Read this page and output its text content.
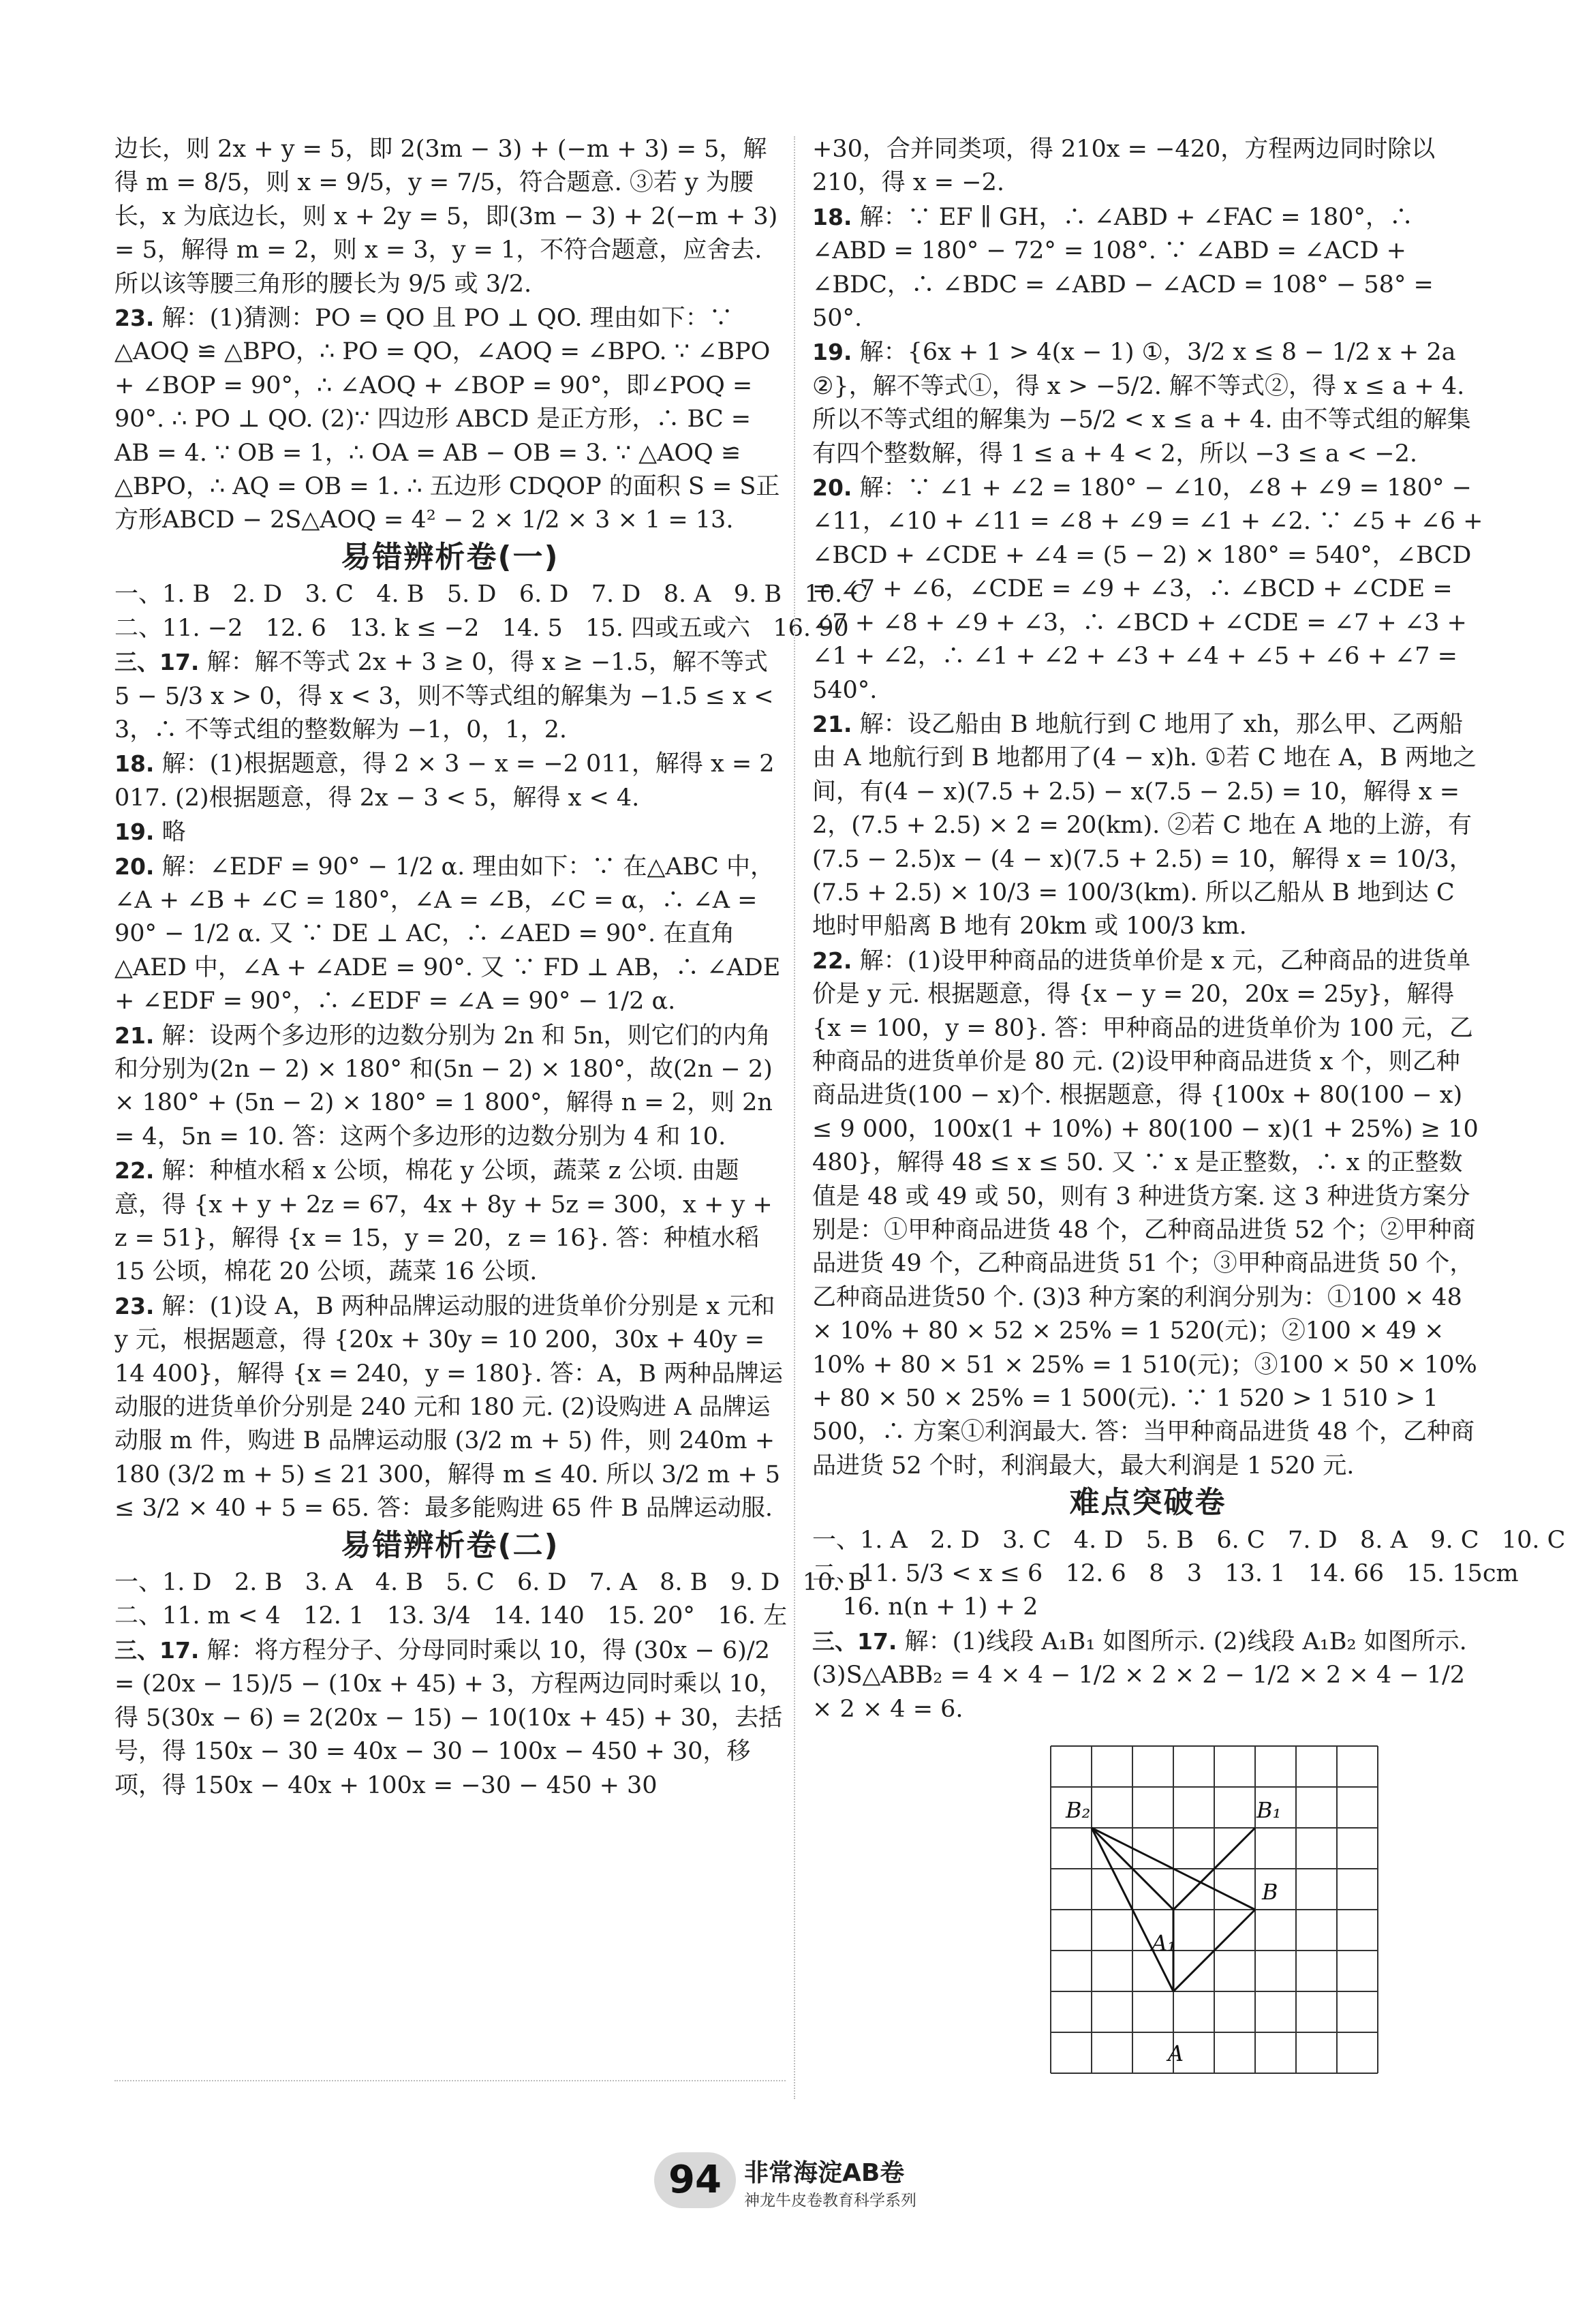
边长，则 2x + y = 5，即 2(3m − 3) + (−m + 3) = 5，解得 m = 8/5，则 x = 9/5，y = 7/5，符合题意. ③若 y 为腰长，x 为底边长，则 x + 2y = 5，即(3m − 3) + 2(−m + 3) = 5，解得 m = 2，则 x = 3，y = 1，不符合题意，应舍去. 所以该等腰三角形的腰长为 9/5 或 3/2.

23. 解：(1)猜测：PO = QO 且 PO ⊥ QO. 理由如下：∵ △AOQ ≌ △BPO，∴ PO = QO，∠AOQ = ∠BPO. ∵ ∠BPO + ∠BOP = 90°，∴ ∠AOQ + ∠BOP = 90°，即∠POQ = 90°. ∴ PO ⊥ QO. (2)∵ 四边形 ABCD 是正方形，∴ BC = AB = 4. ∵ OB = 1，∴ OA = AB − OB = 3. ∵ △AOQ ≌ △BPO，∴ AQ = OB = 1. ∴ 五边形 CDQOP 的面积 S = S正方形ABCD − 2S△AOQ = 4² − 2 × 1/2 × 3 × 1 = 13.

易错辨析卷(一)

一、1. B   2. D   3. C   4. B   5. D   6. D   7. D   8. A   9. B   10. C

二、11. −2   12. 6   13. k ≤ −2   14. 5   15. 四或五或六   16. 90

三、17. 解：解不等式 2x + 3 ≥ 0，得 x ≥ −1.5，解不等式 5 − 5/3 x > 0，得 x < 3，则不等式组的解集为 −1.5 ≤ x < 3，∴ 不等式组的整数解为 −1，0，1，2.

18. 解：(1)根据题意，得 2 × 3 − x = −2 011，解得 x = 2 017. (2)根据题意，得 2x − 3 < 5，解得 x < 4.

19. 略

20. 解：∠EDF = 90° − 1/2 α. 理由如下：∵ 在△ABC 中，∠A + ∠B + ∠C = 180°，∠A = ∠B，∠C = α，∴ ∠A = 90° − 1/2 α. 又 ∵ DE ⊥ AC，∴ ∠AED = 90°. 在直角△AED 中，∠A + ∠ADE = 90°. 又 ∵ FD ⊥ AB，∴ ∠ADE + ∠EDF = 90°，∴ ∠EDF = ∠A = 90° − 1/2 α.

21. 解：设两个多边形的边数分别为 2n 和 5n，则它们的内角和分别为(2n − 2) × 180° 和(5n − 2) × 180°，故(2n − 2) × 180° + (5n − 2) × 180° = 1 800°，解得 n = 2，则 2n = 4，5n = 10. 答：这两个多边形的边数分别为 4 和 10.

22. 解：种植水稻 x 公顷，棉花 y 公顷，蔬菜 z 公顷. 由题意，得 {x + y + 2z = 67，4x + 8y + 5z = 300，x + y + z = 51}，解得 {x = 15，y = 20，z = 16}. 答：种植水稻 15 公顷，棉花 20 公顷，蔬菜 16 公顷.

23. 解：(1)设 A，B 两种品牌运动服的进货单价分别是 x 元和 y 元，根据题意，得 {20x + 30y = 10 200，30x + 40y = 14 400}，解得 {x = 240，y = 180}. 答：A，B 两种品牌运动服的进货单价分别是 240 元和 180 元. (2)设购进 A 品牌运动服 m 件，购进 B 品牌运动服 (3/2 m + 5) 件，则 240m + 180 (3/2 m + 5) ≤ 21 300，解得 m ≤ 40. 所以 3/2 m + 5 ≤ 3/2 × 40 + 5 = 65. 答：最多能购进 65 件 B 品牌运动服.

易错辨析卷(二)

一、1. D   2. B   3. A   4. B   5. C   6. D   7. A   8. B   9. D   10. B

二、11. m < 4   12. 1   13. 3/4   14. 140   15. 20°   16. 左

三、17. 解：将方程分子、分母同时乘以 10，得 (30x − 6)/2 = (20x − 15)/5 − (10x + 45) + 3，方程两边同时乘以 10，得 5(30x − 6) = 2(20x − 15) − 10(10x + 45) + 30，去括号，得 150x − 30 = 40x − 30 − 100x − 450 + 30，移项，得 150x − 40x + 100x = −30 − 450 + 30

+30，合并同类项，得 210x = −420，方程两边同时除以 210，得 x = −2.

18. 解：∵ EF ∥ GH，∴ ∠ABD + ∠FAC = 180°，∴ ∠ABD = 180° − 72° = 108°. ∵ ∠ABD = ∠ACD + ∠BDC，∴ ∠BDC = ∠ABD − ∠ACD = 108° − 58° = 50°.

19. 解：{6x + 1 > 4(x − 1) ①，3/2 x ≤ 8 − 1/2 x + 2a ②}，解不等式①，得 x > −5/2. 解不等式②，得 x ≤ a + 4. 所以不等式组的解集为 −5/2 < x ≤ a + 4. 由不等式组的解集有四个整数解，得 1 ≤ a + 4 < 2，所以 −3 ≤ a < −2.

20. 解：∵ ∠1 + ∠2 = 180° − ∠10，∠8 + ∠9 = 180° − ∠11，∠10 + ∠11 = ∠8 + ∠9 = ∠1 + ∠2. ∵ ∠5 + ∠6 + ∠BCD + ∠CDE + ∠4 = (5 − 2) × 180° = 540°，∠BCD = ∠7 + ∠6，∠CDE = ∠9 + ∠3，∴ ∠BCD + ∠CDE = ∠7 + ∠8 + ∠9 + ∠3，∴ ∠BCD + ∠CDE = ∠7 + ∠3 + ∠1 + ∠2，∴ ∠1 + ∠2 + ∠3 + ∠4 + ∠5 + ∠6 + ∠7 = 540°.

21. 解：设乙船由 B 地航行到 C 地用了 xh，那么甲、乙两船由 A 地航行到 B 地都用了(4 − x)h. ①若 C 地在 A，B 两地之间，有(4 − x)(7.5 + 2.5) − x(7.5 − 2.5) = 10，解得 x = 2，(7.5 + 2.5) × 2 = 20(km). ②若 C 地在 A 地的上游，有(7.5 − 2.5)x − (4 − x)(7.5 + 2.5) = 10，解得 x = 10/3，(7.5 + 2.5) × 10/3 = 100/3(km). 所以乙船从 B 地到达 C 地时甲船离 B 地有 20km 或 100/3 km.

22. 解：(1)设甲种商品的进货单价是 x 元，乙种商品的进货单价是 y 元. 根据题意，得 {x − y = 20，20x = 25y}，解得 {x = 100，y = 80}. 答：甲种商品的进货单价为 100 元，乙种商品的进货单价是 80 元. (2)设甲种商品进货 x 个，则乙种商品进货(100 − x)个. 根据题意，得 {100x + 80(100 − x) ≤ 9 000，100x(1 + 10%) + 80(100 − x)(1 + 25%) ≥ 10 480}，解得 48 ≤ x ≤ 50. 又 ∵ x 是正整数，∴ x 的正整数值是 48 或 49 或 50，则有 3 种进货方案. 这 3 种进货方案分别是：①甲种商品进货 48 个，乙种商品进货 52 个；②甲种商品进货 49 个，乙种商品进货 51 个；③甲种商品进货 50 个，乙种商品进货50 个. (3)3 种方案的利润分别为：①100 × 48 × 10% + 80 × 52 × 25% = 1 520(元)；②100 × 49 × 10% + 80 × 51 × 25% = 1 510(元)；③100 × 50 × 10% + 80 × 50 × 25% = 1 500(元). ∵ 1 520 > 1 510 > 1 500，∴ 方案①利润最大. 答：当甲种商品进货 48 个，乙种商品进货 52 个时，利润最大，最大利润是 1 520 元.

难点突破卷

一、1. A   2. D   3. C   4. D   5. B   6. C   7. D   8. A   9. C   10. C

二、11. 5/3 < x ≤ 6   12. 6   8   3   13. 1   14. 66   15. 15cm

16. n(n + 1) + 2

三、17. 解：(1)线段 A₁B₁ 如图所示. (2)线段 A₁B₂ 如图所示. (3)S△ABB₂ = 4 × 4 − 1/2 × 2 × 2 − 1/2 × 2 × 4 − 1/2 × 2 × 4 = 6.

B₂	B₁
B
A₁
A
94 非常海淀AB卷
神龙牛皮卷教育科学系列
